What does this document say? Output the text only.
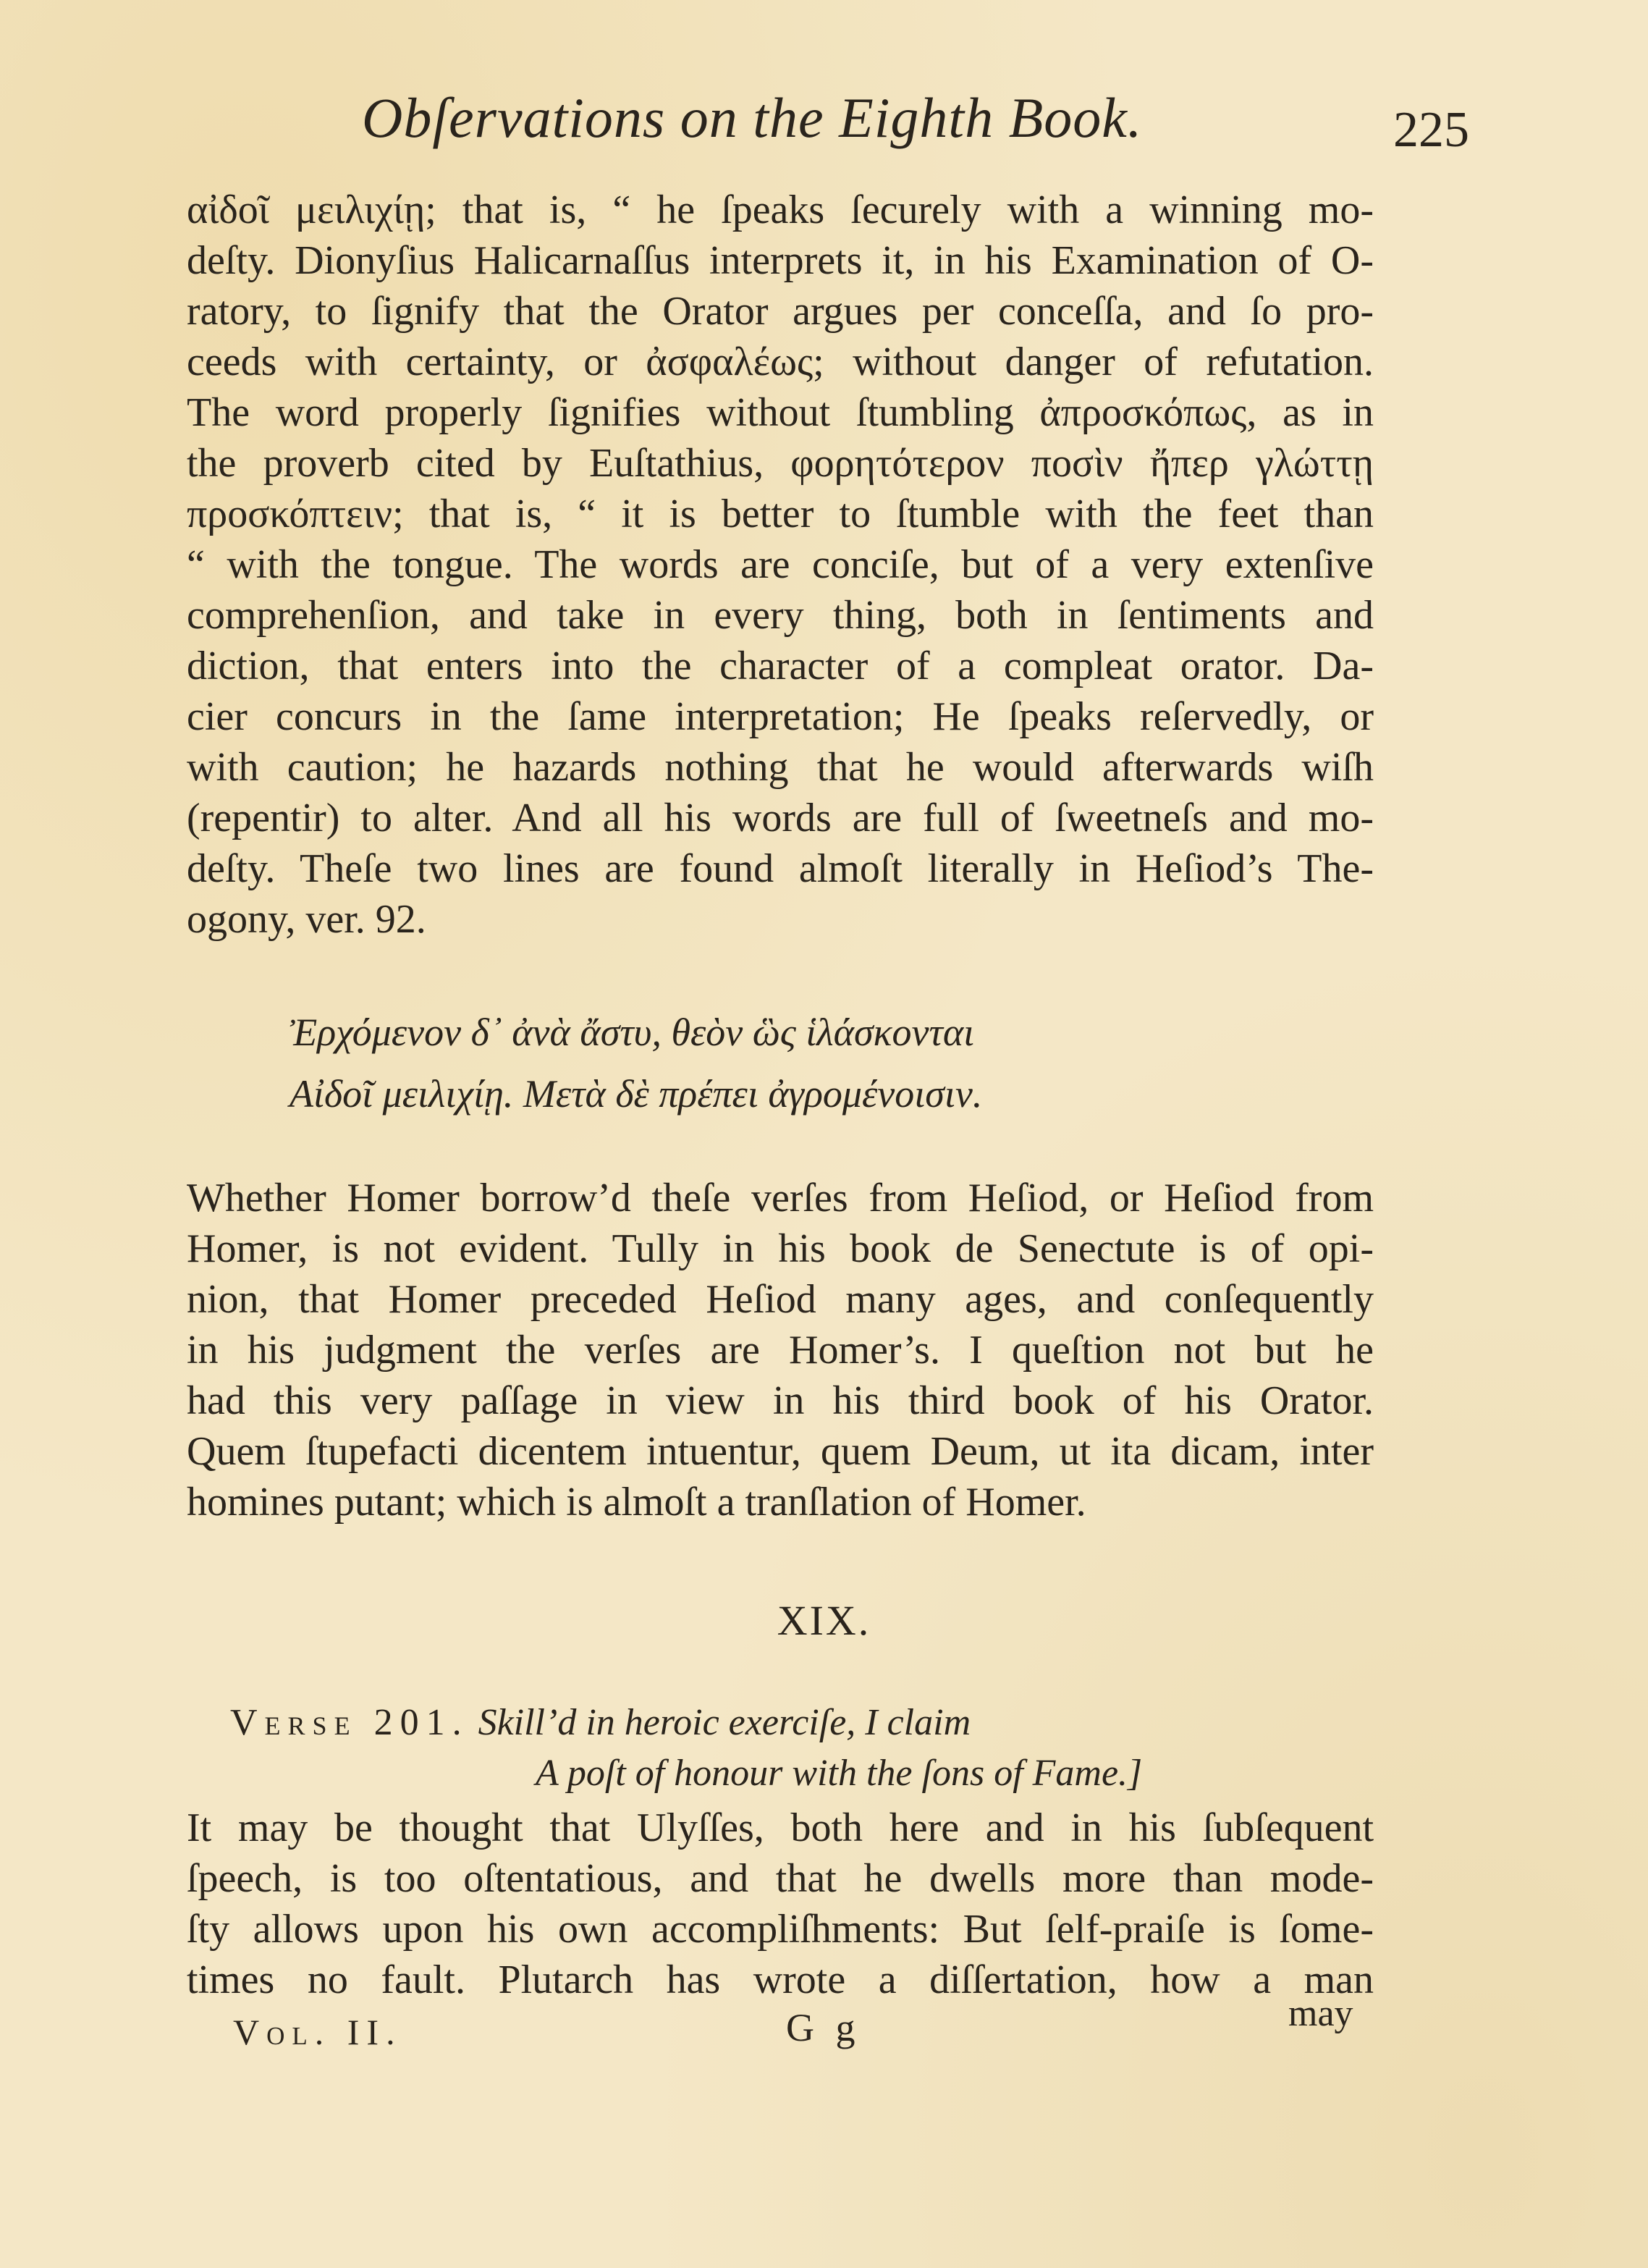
Obſervations on the Eighth Book.	225
αἰδοῖ μειλιχίῃ; that is, “ he ſpeaks ſecurely with a winning mo-
deſty. Dionyſius Halicarnaſſus interprets it, in his Examination of O-
ratory, to ſignify that the Orator argues per conceſſa, and ſo pro-
ceeds with certainty, or ἀσφαλέως; without danger of refutation.
The word properly ſignifies without ſtumbling ἀπροσκόπως, as in
the proverb cited by Euſtathius, φορητότερον ποσὶν ἤπερ γλώττῃ
προσκόπτειν; that is, “ it is better to ſtumble with the feet than
“ with the tongue. The words are conciſe, but of a very extenſive
comprehenſion, and take in every thing, both in ſentiments and
diction, that enters into the character of a compleat orator. Da-
cier concurs in the ſame interpretation; He ſpeaks reſervedly, or
with caution; he hazards nothing that he would afterwards wiſh
(repentir) to alter. And all his words are full of ſweetneſs and mo-
deſty. Theſe two lines are found almoſt literally in Heſiod’s The-
ogony, ver. 92.
Ἐρχόμενον δ᾽ ἀνὰ ἄστυ, θεὸν ὣς ἱλάσκονται
Αἰδοῖ μειλιχίῃ. Μετὰ δὲ πρέπει ἀγρομένοισιν.
Whether Homer borrow’d theſe verſes from Heſiod, or Heſiod from
Homer, is not evident. Tully in his book de Senectute is of opi-
nion, that Homer preceded Heſiod many ages, and conſequently
in his judgment the verſes are Homer’s. I queſtion not but he
had this very paſſage in view in his third book of his Orator.
Quem ſtupefacti dicentem intuentur, quem Deum, ut ita dicam, inter
homines putant; which is almoſt a tranſlation of Homer.
XIX.
Verse 201. Skill’d in heroic exerciſe, I claim
A poſt of honour with the ſons of Fame.]
It may be thought that Ulyſſes, both here and in his ſubſequent
ſpeech, is too oſtentatious, and that he dwells more than mode-
ſty allows upon his own accompliſhments: But ſelf-praiſe is ſome-
times no fault. Plutarch has wrote a diſſertation, how a man
Vol. II.	G g	may
